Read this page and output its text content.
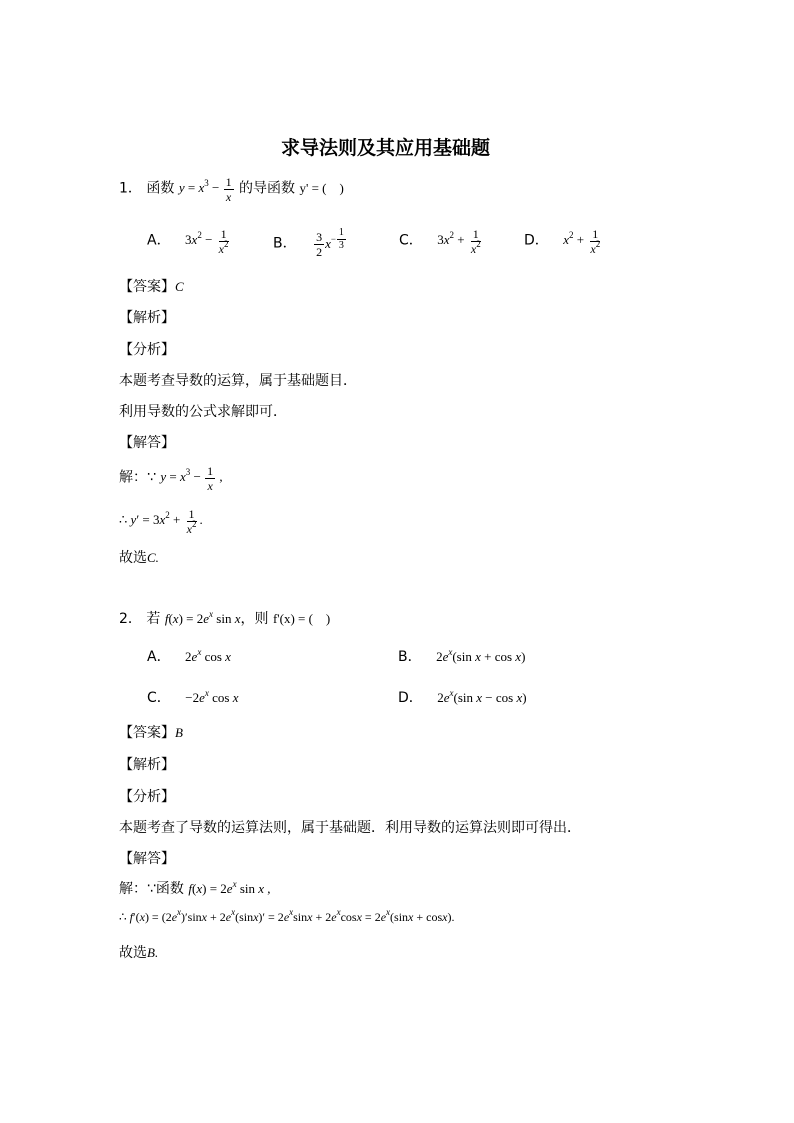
求导法则及其应用基础题
1． 函数 $y = x^3 - \frac{1}{x}$ 的导函数 y' = ( )
A． $3x^2 - \frac{1}{x^2}$	B． $\frac{3}{2} x^{- \frac{1}{3}}$	C． $3x^2 + \frac{1}{x^2}$	D． $x^2 + \frac{1}{x^2}$
【答案】C
【解析】
【分析】
本题考查导数的运算，属于基础题目．
利用导数的公式求解即可．
【解答】
解：∵ $y = x^3 - \frac{1}{x}$ ,
∴ $y' = 3x^2 + \frac{1}{x^2}$ .
故选C.
2． 若 $f(x) = 2e^x$ sin x，则 f'(x) = ( )
A． $2e^x$ cos x	B． $2e^x(\sin$ x + cos x)
C． $-2e^x$ cos x	D． $2e^x(\sin$ x − cos x)
【答案】B
【解析】
【分析】
本题考查了导数的运算法则，属于基础题．利用导数的运算法则即可得出．
【解答】
解：∵函数 $f(x) = 2e^x$ sin x ,
∴ $f'(x) = (2e^x)'\sin x + 2e^x(\sin x)' = 2e^x\sin x + 2e^x\cos x = 2e^x(\sin x + \cos x)$.
故选B.
